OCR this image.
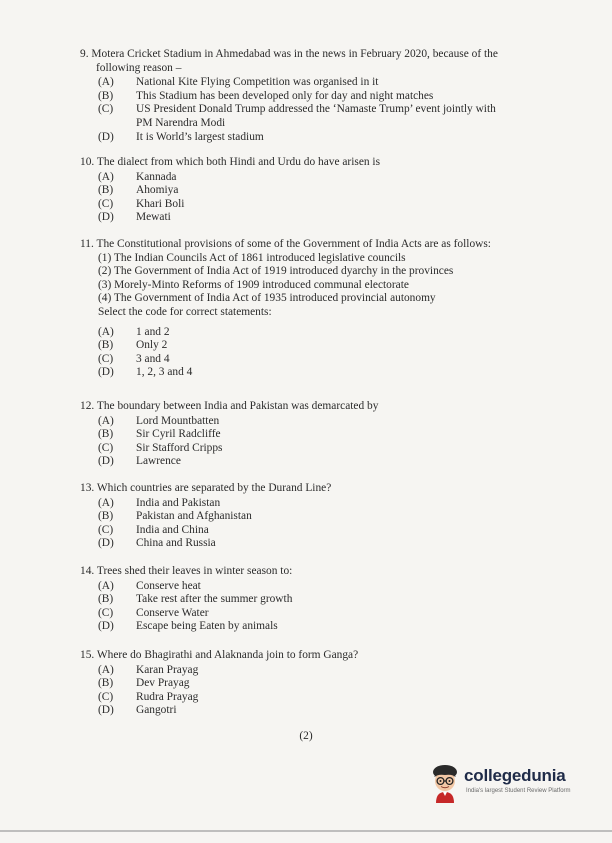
9. Motera Cricket Stadium in Ahmedabad was in the news in February 2020, because of the
following reason –
(A)	National Kite Flying Competition was organised in it
(B)	This Stadium has been developed only for day and night matches
(C)	US President Donald Trump addressed the ‘Namaste Trump’ event jointly with
PM Narendra Modi
(D)	It is World’s largest stadium
10. The dialect from which both Hindi and Urdu do have arisen is
(A)	Kannada
(B)	Ahomiya
(C)	Khari Boli
(D)	Mewati
11. The Constitutional provisions of some of the Government of India Acts are as follows:

(1) The Indian Councils Act of 1861 introduced legislative councils

(2) The Government of India Act of 1919 introduced dyarchy in the provinces

(3) Morely-Minto Reforms of 1909 introduced communal electorate

(4) The Government of India Act of 1935 introduced provincial autonomy

Select the code for correct statements:

(A)	1 and 2
(B)	Only 2
(C)	3 and 4
(D)	1, 2, 3 and 4
12. The boundary between India and Pakistan was demarcated by
(A)	Lord Mountbatten
(B)	Sir Cyril Radcliffe
(C)	Sir Stafford Cripps
(D)	Lawrence
13. Which countries are separated by the Durand Line?
(A)	India and Pakistan
(B)	Pakistan and Afghanistan
(C)	India and China
(D)	China and Russia
14. Trees shed their leaves in winter season to:
(A)	Conserve heat
(B)	Take rest after the summer growth
(C)	Conserve Water
(D)	Escape being Eaten by animals
15. Where do Bhagirathi and Alaknanda join to form Ganga?
(A)	Karan Prayag
(B)	Dev Prayag
(C)	Rudra Prayag
(D)	Gangotri
(2)
collegedunia
India's largest Student Review Platform
